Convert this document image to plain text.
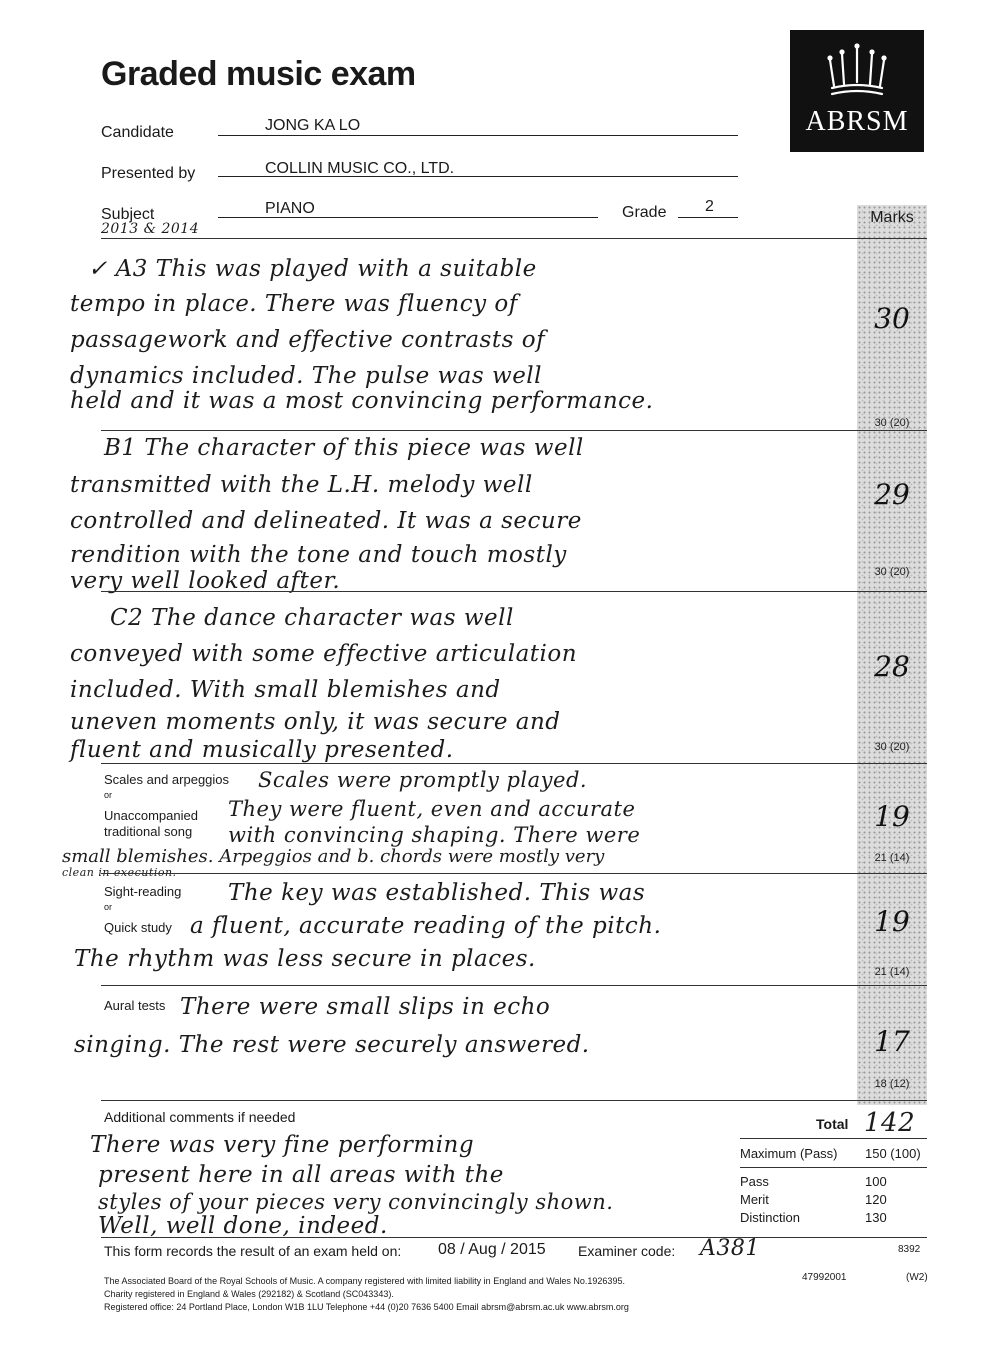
Graded music exam
ABRSM
Candidate	JONG KA LO
Presented by	COLLIN MUSIC CO., LTD.
Subject
2013 & 2014
PIANO	Grade 2
Marks
✓ A3 This was played with a suitable
tempo in place. There was fluency of
passagework and effective contrasts of
dynamics included. The pulse was well
held and it was a most convincing performance.
30
30 (20)
B1 The character of this piece was well
transmitted with the L.H. melody well
controlled and delineated. It was a secure
rendition with the tone and touch mostly
very well looked after.
29
30 (20)
C2 The dance character was well
conveyed with some effective articulation
included. With small blemishes and
uneven moments only, it was secure and
fluent and musically presented.
28
30 (20)
Scales and arpeggios
or
Unaccompanied
traditional song
Scales were promptly played.
They were fluent, even and accurate
with convincing shaping. There were
small blemishes. Arpeggios and b. chords were mostly very
clean in execution.
19
21 (14)
Sight-reading
or
Quick study
The key was established. This was
a fluent, accurate reading of the pitch.
The rhythm was less secure in places.
19
21 (14)
Aural tests There were small slips in echo
singing. The rest were securely answered.	17
18 (12)
Additional comments if needed
There was very fine performing
present here in all areas with the
styles of your pieces very convincingly shown.
Well, well done, indeed.
Total 142
Maximum (Pass) 150 (100)
Pass	100
Merit	120
Distinction	130
This form records the result of an exam held on: 08 / Aug / 2015 Examiner code: A381	8392
47992001	(W2)
The Associated Board of the Royal Schools of Music. A company registered with limited liability in England and Wales No.1926395.
Charity registered in England & Wales (292182) & Scotland (SC043343).
Registered office: 24 Portland Place, London W1B 1LU Telephone +44 (0)20 7636 5400 Email abrsm@abrsm.ac.uk www.abrsm.org
